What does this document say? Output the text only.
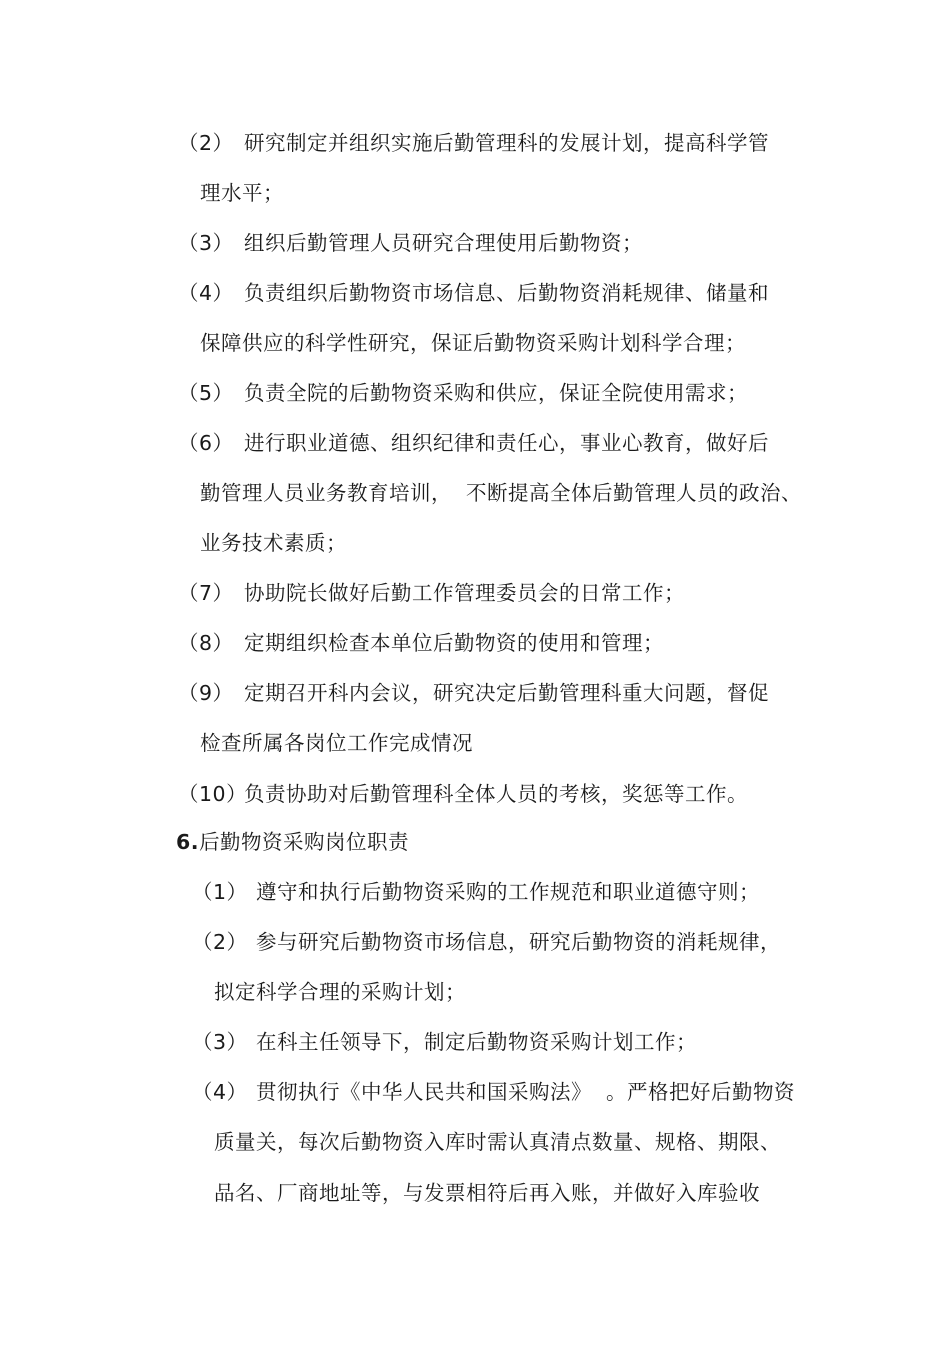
（2） 研究制定并组织实施后勤管理科的发展计划，提高科学管
理水平；
（3） 组织后勤管理人员研究合理使用后勤物资；
（4） 负责组织后勤物资市场信息、后勤物资消耗规律、储量和
保障供应的科学性研究，保证后勤物资采购计划科学合理；
（5） 负责全院的后勤物资采购和供应，保证全院使用需求；
（6） 进行职业道德、组织纪律和责任心，事业心教育，做好后
勤管理人员业务教育培训，  不断提高全体后勤管理人员的政治、
业务技术素质；
（7） 协助院长做好后勤工作管理委员会的日常工作；
（8） 定期组织检查本单位后勤物资的使用和管理；
（9） 定期召开科内会议，研究决定后勤管理科重大问题，督促
检查所属各岗位工作完成情况
（10）负责协助对后勤管理科全体人员的考核，奖惩等工作。
6.后勤物资采购岗位职责
（1） 遵守和执行后勤物资采购的工作规范和职业道德守则；
（2） 参与研究后勤物资市场信息，研究后勤物资的消耗规律，
拟定科学合理的采购计划；
（3） 在科主任领导下，制定后勤物资采购计划工作；
（4） 贯彻执行《中华人民共和国采购法》  。严格把好后勤物资
质量关，每次后勤物资入库时需认真清点数量、规格、期限、
品名、厂商地址等，与发票相符后再入账，并做好入库验收
